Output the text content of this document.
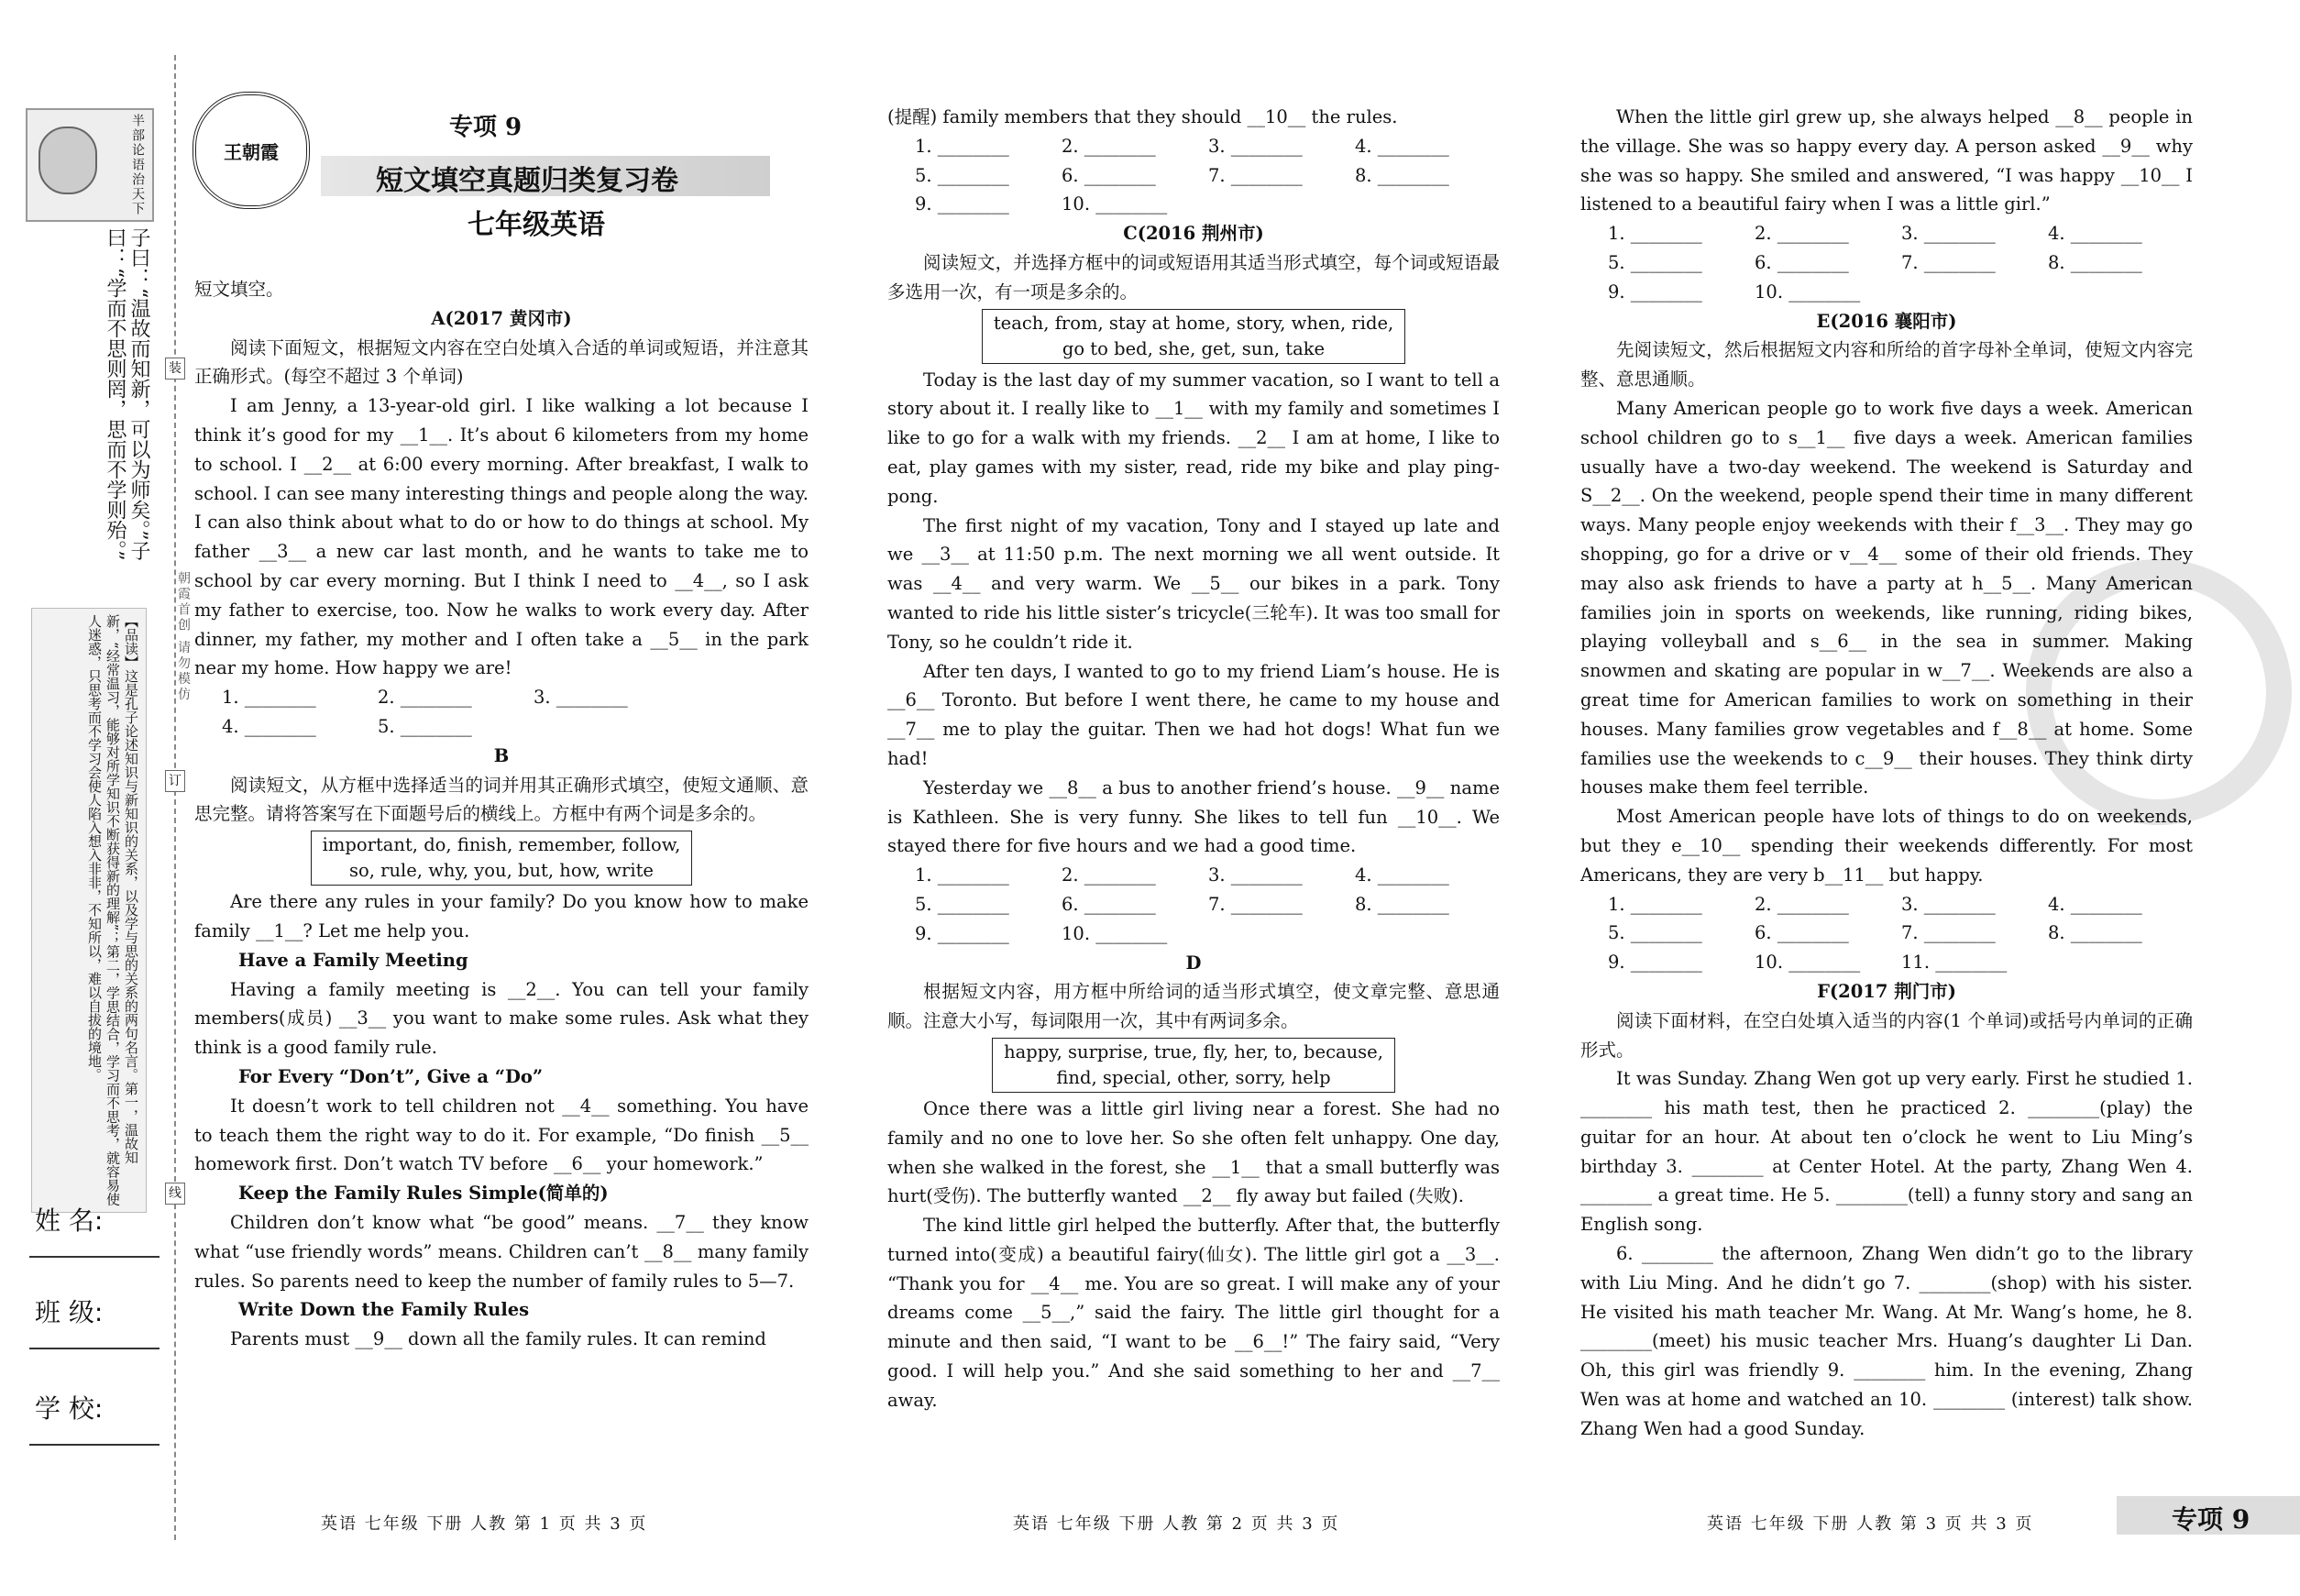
半部论语治天下
子曰：“温故而知新，可以为师矣。”子曰：“学而不思则罔，思而不学则殆。”
【品读】这是孔子论述知识与新知识的关系，以及学与思的关系的两句名言。第一，温故知新，“经常温习，能够对所学知识不断获得新的理解”；第二，学思结合，学习而不思考，就容易使人迷惑，只思考而不学习会使人陷入想入非非，不知所以，难以自拔的境地。	朝霞首创 请勿模仿
装
订
线
姓 名:
班 级:
学 校:
王朝霞
专项 9
短文填空真题归类复习卷
七年级英语

短文填空。

A(2017 黄冈市)

阅读下面短文，根据短文内容在空白处填入合适的单词或短语，并注意其正确形式。(每空不超过 3 个单词)

I am Jenny, a 13-year-old girl. I like walking a lot because I think it’s good for my __1__. It’s about 6 kilometers from my home to school. I __2__ at 6:00 every morning. After breakfast, I walk to school. I can see many interesting things and people along the way. I can also think about what to do or how to do things at school. My father __3__ a new car last month, and he wants to take me to school by car every morning. But I think I need to __4__, so I ask my father to exercise, too. Now he walks to work every day. After dinner, my father, my mother and I often take a __5__ in the park near my home. How happy we are!

1. ________	2. ________	3. ________
4. ________	5. ________

B

阅读短文，从方框中选择适当的词并用其正确形式填空，使短文通顺、意思完整。请将答案写在下面题号后的横线上。方框中有两个词是多余的。

important, do, finish, remember, follow,
so, rule, why, you, but, how, write

Are there any rules in your family? Do you know how to make family __1__? Let me help you.

Have a Family Meeting

Having a family meeting is __2__. You can tell your family members(成员) __3__ you want to make some rules. Ask what they think is a good family rule.

For Every “Don’t”, Give a “Do”

It doesn’t work to tell children not __4__ something. You have to teach them the right way to do it. For example, “Do finish __5__ homework first. Don’t watch TV before __6__ your homework.”

Keep the Family Rules Simple(简单的)

Children don’t know what “be good” means. __7__ they know what “use friendly words” means. Children can’t __8__ many family rules. So parents need to keep the number of family rules to 5—7.

Write Down the Family Rules

Parents must __9__ down all the family rules. It can remind

(提醒) family members that they should __10__ the rules.

1. ________	2. ________	3. ________	4. ________
5. ________	6. ________	7. ________	8. ________
9. ________	10. ________

C(2016 荆州市)

阅读短文，并选择方框中的词或短语用其适当形式填空，每个词或短语最多选用一次，有一项是多余的。

teach, from, stay at home, story, when, ride,
go to bed, she, get, sun, take

Today is the last day of my summer vacation, so I want to tell a story about it. I really like to __1__ with my family and sometimes I like to go for a walk with my friends. __2__ I am at home, I like to eat, play games with my sister, read, ride my bike and play ping-pong.

The first night of my vacation, Tony and I stayed up late and we __3__ at 11:50 p.m. The next morning we all went outside. It was __4__ and very warm. We __5__ our bikes in a park. Tony wanted to ride his little sister’s tricycle(三轮车). It was too small for Tony, so he couldn’t ride it.

After ten days, I wanted to go to my friend Liam’s house. He is __6__ Toronto. But before I went there, he came to my house and __7__ me to play the guitar. Then we had hot dogs! What fun we had!

Yesterday we __8__ a bus to another friend’s house. __9__ name is Kathleen. She is very funny. She likes to tell fun __10__. We stayed there for five hours and we had a good time.

1. ________	2. ________	3. ________	4. ________
5. ________	6. ________	7. ________	8. ________
9. ________	10. ________

D

根据短文内容，用方框中所给词的适当形式填空，使文章完整、意思通顺。注意大小写，每词限用一次，其中有两词多余。

happy, surprise, true, fly, her, to, because,
find, special, other, sorry, help

Once there was a little girl living near a forest. She had no family and no one to love her. So she often felt unhappy. One day, when she walked in the forest, she __1__ that a small butterfly was hurt(受伤). The butterfly wanted __2__ fly away but failed (失败).

The kind little girl helped the butterfly. After that, the butterfly turned into(变成) a beautiful fairy(仙女). The little girl got a __3__. “Thank you for __4__ me. You are so great. I will make any of your dreams come __5__,” said the fairy. The little girl thought for a minute and then said, “I want to be __6__!” The fairy said, “Very good. I will help you.” And she said something to her and __7__ away.

When the little girl grew up, she always helped __8__ people in the village. She was so happy every day. A person asked __9__ why she was so happy. She smiled and answered, “I was happy __10__ I listened to a beautiful fairy when I was a little girl.”

1. ________	2. ________	3. ________	4. ________
5. ________	6. ________	7. ________	8. ________
9. ________	10. ________

E(2016 襄阳市)

先阅读短文，然后根据短文内容和所给的首字母补全单词，使短文内容完整、意思通顺。

Many American people go to work five days a week. American school children go to s__1__ five days a week. American families usually have a two-day weekend. The weekend is Saturday and S__2__. On the weekend, people spend their time in many different ways. Many people enjoy weekends with their f__3__. They may go shopping, go for a drive or v__4__ some of their old friends. They may also ask friends to have a party at h__5__. Many American families join in sports on weekends, like running, riding bikes, playing volleyball and s__6__ in the sea in summer. Making snowmen and skating are popular in w__7__. Weekends are also a great time for American families to work on something in their houses. Many families grow vegetables and f__8__ at home. Some families use the weekends to c__9__ their houses. They think dirty houses make them feel terrible.

Most American people have lots of things to do on weekends, but they e__10__ spending their weekends differently. For most Americans, they are very b__11__ but happy.

1. ________	2. ________	3. ________	4. ________
5. ________	6. ________	7. ________	8. ________
9. ________	10. ________	11. ________

F(2017 荆门市)

阅读下面材料，在空白处填入适当的内容(1 个单词)或括号内单词的正确形式。

It was Sunday. Zhang Wen got up very early. First he studied 1. ________ his math test, then he practiced 2. ________(play) the guitar for an hour. At about ten o’clock he went to Liu Ming’s birthday 3. ________ at Center Hotel. At the party, Zhang Wen 4. ________ a great time. He 5. ________(tell) a funny story and sang an English song.

6. ________ the afternoon, Zhang Wen didn’t go to the library with Liu Ming. And he didn’t go 7. ________(shop) with his sister. He visited his math teacher Mr. Wang. At Mr. Wang’s home, he 8. ________(meet) his music teacher Mrs. Huang’s daughter Li Dan. Oh, this girl was friendly 9. ________ him. In the evening, Zhang Wen was at home and watched an 10. ________ (interest) talk show. Zhang Wen had a good Sunday.

英语 七年级 下册 人教 第 1 页 共 3 页	英语 七年级 下册 人教 第 2 页 共 3 页	英语 七年级 下册 人教 第 3 页 共 3 页	专项 9
